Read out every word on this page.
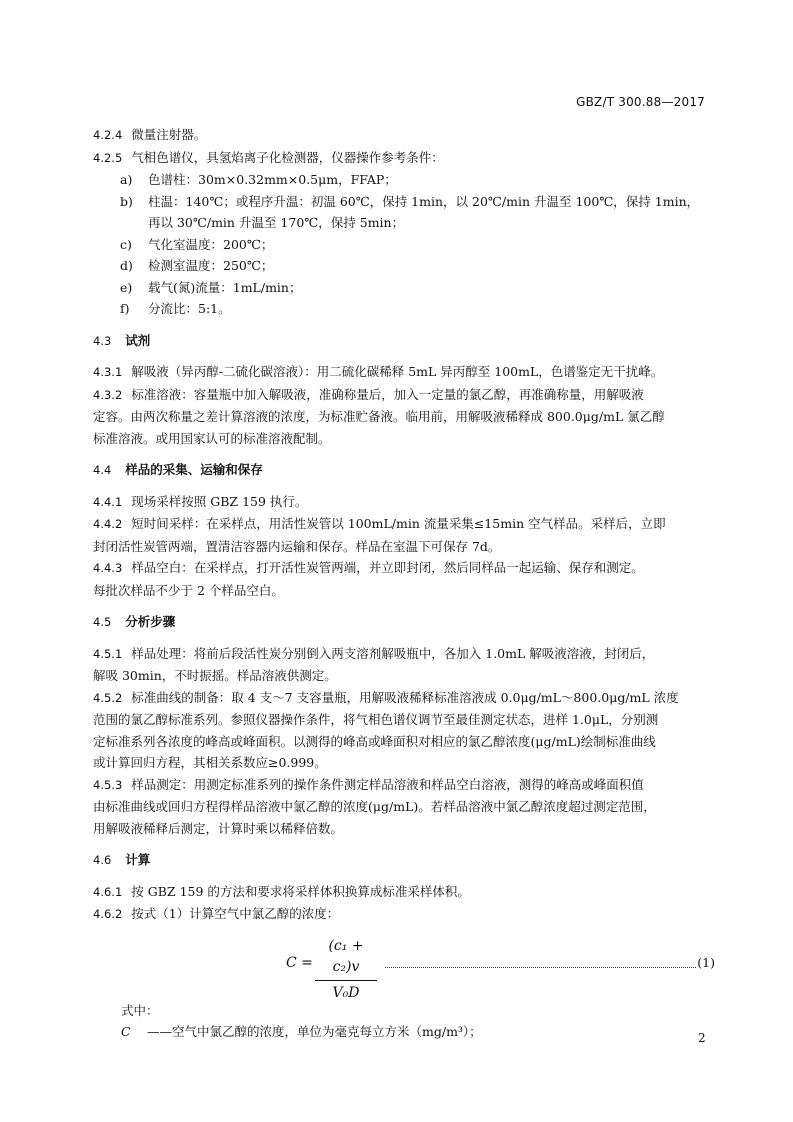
GBZ/T 300.88—2017
4.2.4 微量注射器。
4.2.5 气相色谱仪，具氢焰离子化检测器，仪器操作参考条件：
a) 色谱柱：30m×0.32mm×0.5μm，FFAP；
b) 柱温：140℃；或程序升温：初温 60℃，保持 1min，以 20℃/min 升温至 100℃，保持 1min，
再以 30℃/min 升温至 170℃，保持 5min；
c) 气化室温度：200℃；
d) 检测室温度：250℃；
e) 载气(氮)流量：1mL/min；
f) 分流比：5:1。
4.3 试剂
4.3.1 解吸液（异丙醇-二硫化碳溶液）：用二硫化碳稀释 5mL 异丙醇至 100mL，色谱鉴定无干扰峰。
4.3.2 标准溶液：容量瓶中加入解吸液，准确称量后，加入一定量的氯乙醇，再准确称量，用解吸液
定容。由两次称量之差计算溶液的浓度，为标准贮备液。临用前，用解吸液稀释成 800.0μg/mL 氯乙醇
标准溶液。或用国家认可的标准溶液配制。
4.4 样品的采集、运输和保存
4.4.1 现场采样按照 GBZ 159 执行。
4.4.2 短时间采样：在采样点，用活性炭管以 100mL/min 流量采集≤15min 空气样品。采样后，立即
封闭活性炭管两端，置清洁容器内运输和保存。样品在室温下可保存 7d。
4.4.3 样品空白：在采样点，打开活性炭管两端，并立即封闭，然后同样品一起运输、保存和测定。
每批次样品不少于 2 个样品空白。
4.5 分析步骤
4.5.1 样品处理：将前后段活性炭分别倒入两支溶剂解吸瓶中，各加入 1.0mL 解吸液溶液，封闭后，
解吸 30min，不时振摇。样品溶液供测定。
4.5.2 标准曲线的制备：取 4 支～7 支容量瓶，用解吸液稀释标准溶液成 0.0μg/mL～800.0μg/mL 浓度
范围的氯乙醇标准系列。参照仪器操作条件，将气相色谱仪调节至最佳测定状态，进样 1.0μL，分别测
定标准系列各浓度的峰高或峰面积。以测得的峰高或峰面积对相应的氯乙醇浓度(μg/mL)绘制标准曲线
或计算回归方程，其相关系数应≥0.999。
4.5.3 样品测定：用测定标准系列的操作条件测定样品溶液和样品空白溶液，测得的峰高或峰面积值
由标准曲线或回归方程得样品溶液中氯乙醇的浓度(μg/mL)。若样品溶液中氯乙醇浓度超过测定范围，
用解吸液稀释后测定，计算时乘以稀释倍数。
4.6 计算
4.6.1 按 GBZ 159 的方法和要求将采样体积换算成标准采样体积。
4.6.2 按式（1）计算空气中氯乙醇的浓度：
C =
(c₁ + c₂)v
V₀D
(1)
式中：
C ——空气中氯乙醇的浓度，单位为毫克每立方米（mg/m³）；	2
